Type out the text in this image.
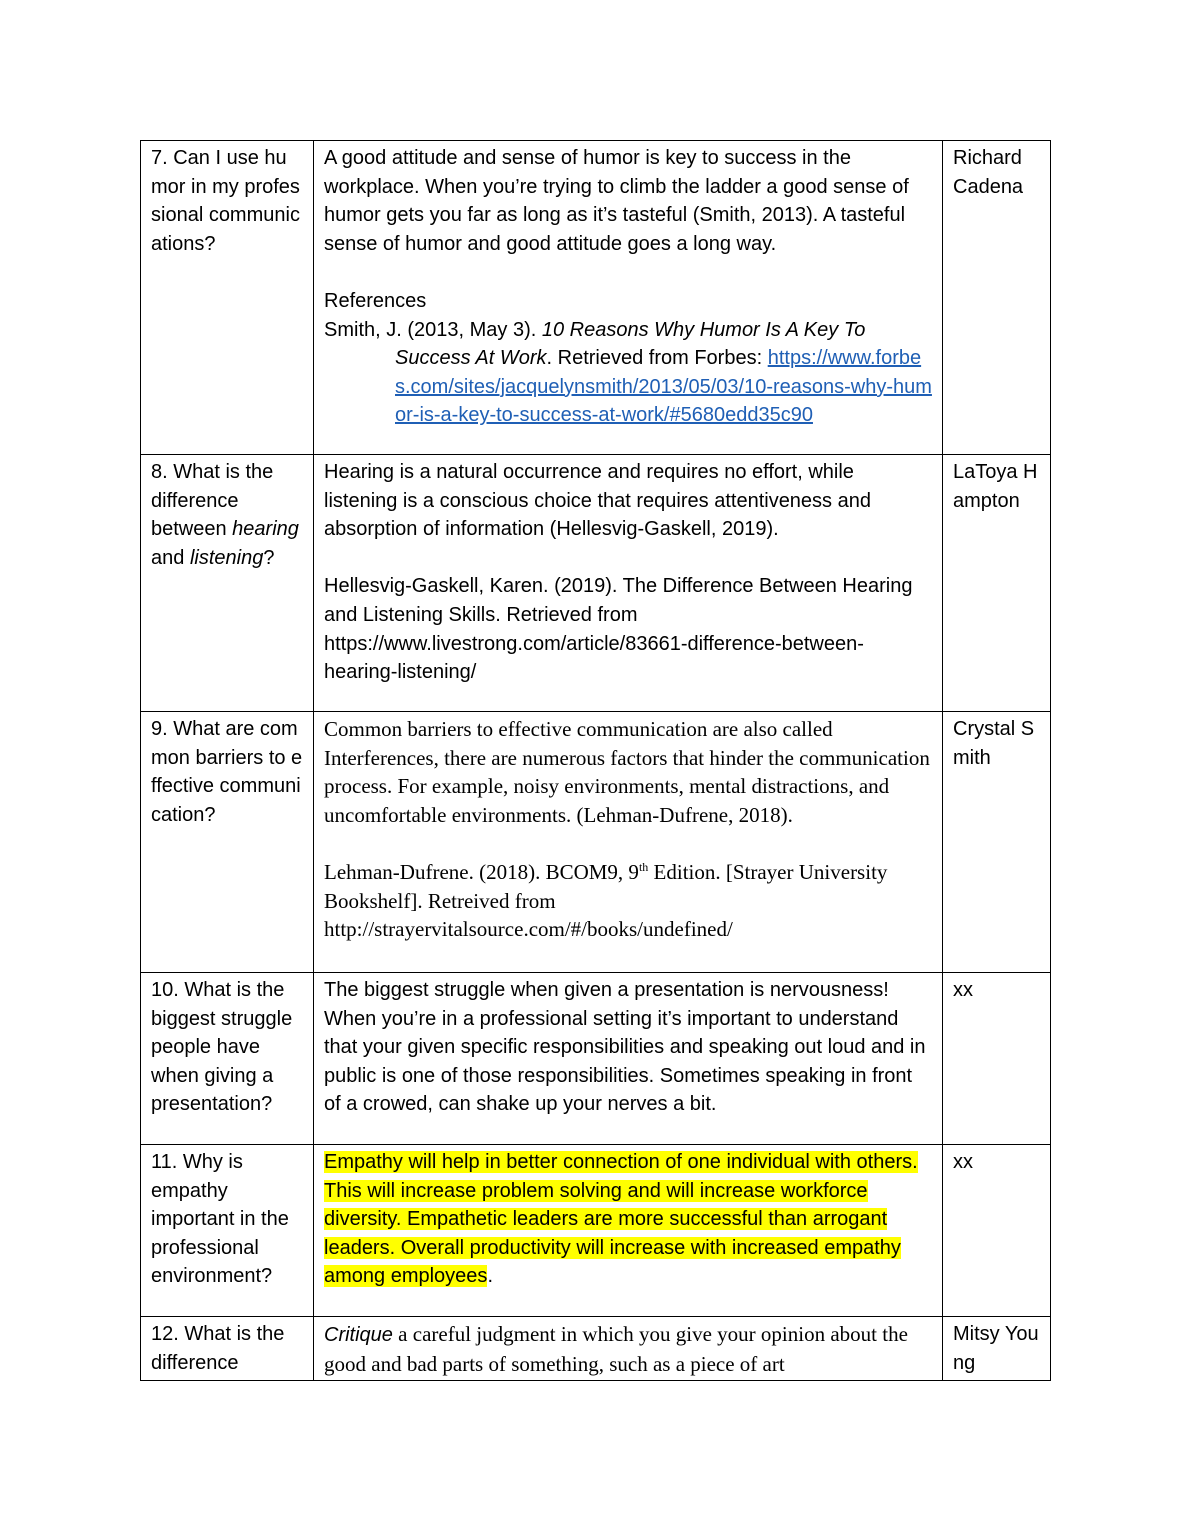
7. Can I use humor in my professional communications?	A good attitude and sense of humor is key to success in the workplace. When you’re trying to climb the ladder a good sense of humor gets you far as long as it’s tasteful (Smith, 2013). A tasteful sense of humor and good attitude goes a long way.

References

Smith, J. (2013, May 3). 10 Reasons Why Humor Is A Key To Success At Work. Retrieved from Forbes: https://www.forbes.com/sites/jacquelynsmith/2013/05/03/10-reasons-why-humor-is-a-key-to-success-at-work/#5680edd35c90	Richard Cadena
8. What is the difference between hearing and listening?	Hearing is a natural occurrence and requires no effort, while listening is a conscious choice that requires attentiveness and absorption of information (Hellesvig-Gaskell, 2019).

Hellesvig-Gaskell, Karen. (2019). The Difference Between Hearing and Listening Skills. Retrieved from https://www.livestrong.com/article/83661-difference-between-hearing-listening/	LaToya Hampton
9. What are common barriers to effective communication?	Common barriers to effective communication are also called Interferences, there are numerous factors that hinder the communication process. For example, noisy environments, mental distractions, and uncomfortable environments. (Lehman-Dufrene, 2018).

Lehman-Dufrene. (2018). BCOM9, 9th Edition. [Strayer University Bookshelf]. Retreived from http://strayervitalsource.com/#/books/undefined/	Crystal Smith
10. What is the biggest struggle people have when giving a presentation?	The biggest struggle when given a presentation is nervousness! When you’re in a professional setting it’s important to understand that your given specific responsibilities and speaking out loud and in public is one of those responsibilities. Sometimes speaking in front of a crowed, can shake up your nerves a bit.	xx
11. Why is empathy important in the professional environment?	Empathy will help in better connection of one individual with others. This will increase problem solving and will increase workforce diversity. Empathetic leaders are more successful than arrogant leaders. Overall productivity will increase with increased empathy among employees.	xx
12. What is the difference	Critique a careful judgment in which you give your opinion about the good and bad parts of something, such as a piece of art	Mitsy Young
